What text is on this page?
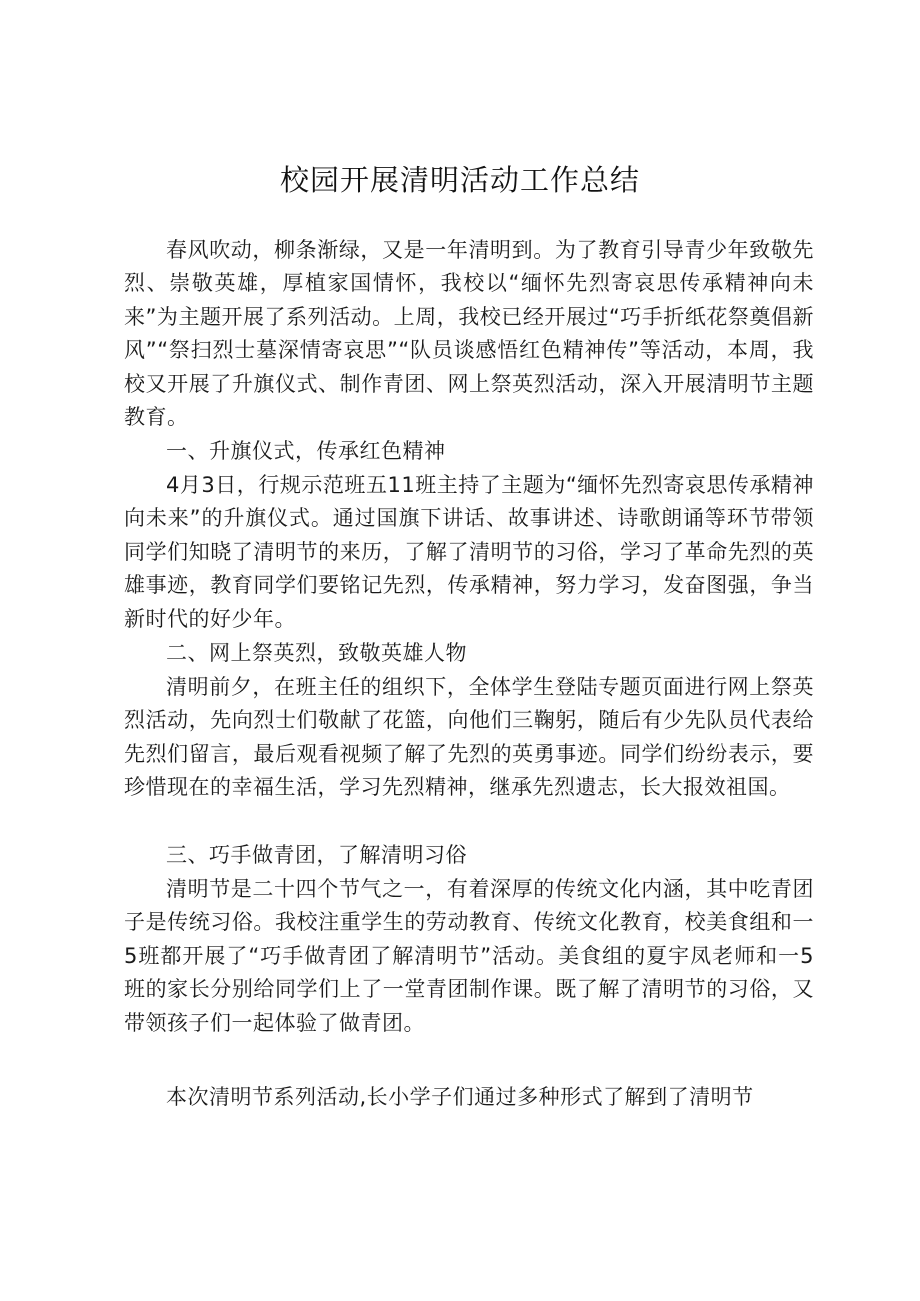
校园开展清明活动工作总结

春风吹动，柳条渐绿，又是一年清明到。为了教育引导青少年致敬先烈、崇敬英雄，厚植家国情怀，我校以“缅怀先烈寄哀思传承精神向未来”为主题开展了系列活动。上周，我校已经开展过“巧手折纸花祭奠倡新风”“祭扫烈士墓深情寄哀思”“队员谈感悟红色精神传”等活动，本周，我校又开展了升旗仪式、制作青团、网上祭英烈活动，深入开展清明节主题教育。

一、升旗仪式，传承红色精神

4月3日，行规示范班五11班主持了主题为“缅怀先烈寄哀思传承精神向未来”的升旗仪式。通过国旗下讲话、故事讲述、诗歌朗诵等环节带领同学们知晓了清明节的来历，了解了清明节的习俗，学习了革命先烈的英雄事迹，教育同学们要铭记先烈，传承精神，努力学习，发奋图强，争当新时代的好少年。

二、网上祭英烈，致敬英雄人物

清明前夕，在班主任的组织下，全体学生登陆专题页面进行网上祭英烈活动，先向烈士们敬献了花篮，向他们三鞠躬，随后有少先队员代表给先烈们留言，最后观看视频了解了先烈的英勇事迹。同学们纷纷表示，要珍惜现在的幸福生活，学习先烈精神，继承先烈遗志，长大报效祖国。

三、巧手做青团，了解清明习俗

清明节是二十四个节气之一，有着深厚的传统文化内涵，其中吃青团子是传统习俗。我校注重学生的劳动教育、传统文化教育，校美食组和一5班都开展了“巧手做青团了解清明节”活动。美食组的夏宇凤老师和一5班的家长分别给同学们上了一堂青团制作课。既了解了清明节的习俗，又带领孩子们一起体验了做青团。

本次清明节系列活动,长小学子们通过多种形式了解到了清明节
